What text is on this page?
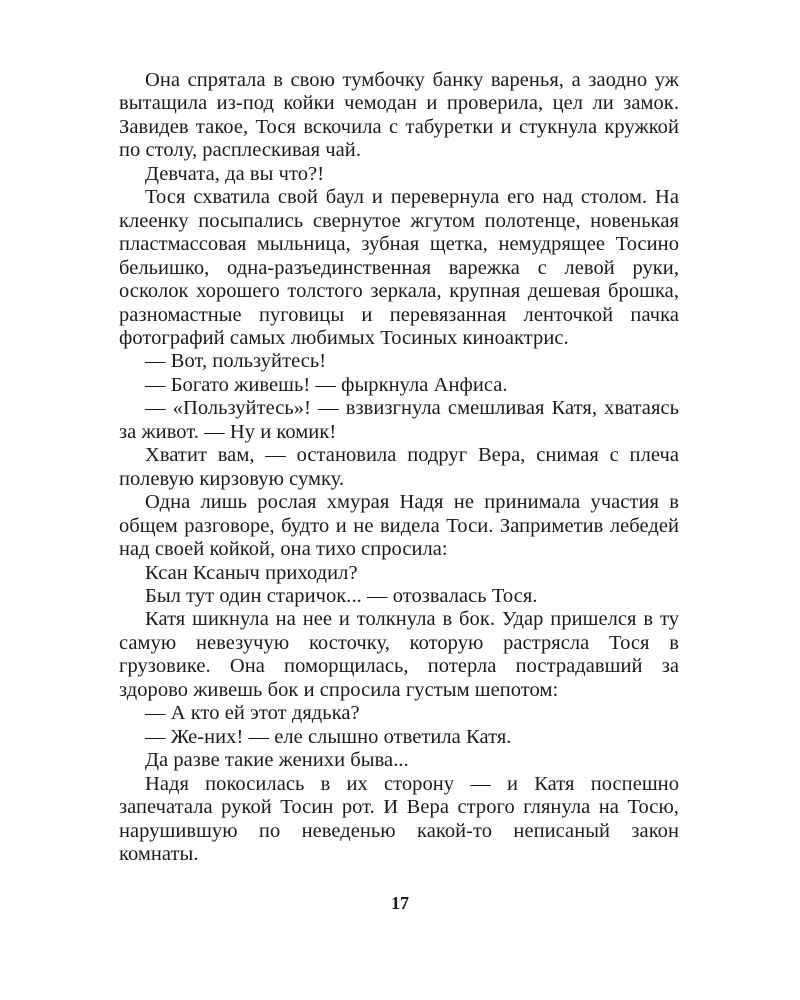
Она спрятала в свою тумбочку банку варенья, а заодно уж вытащила из-под койки чемодан и проверила, цел ли замок. Завидев такое, Тося вскочила с табуретки и стукнула кружкой по столу, расплескивая чай.

Девчата, да вы что?!

Тося схватила свой баул и перевернула его над столом. На клеенку посыпались свернутое жгутом полотенце, новенькая пластмассовая мыльница, зубная щетка, немудрящее Тосино бельишко, одна-разъединственная варежка с левой руки, осколок хорошего толстого зеркала, крупная дешевая брошка, разномастные пуговицы и перевязанная ленточкой пачка фотографий самых любимых Тосиных киноактрис.

— Вот, пользуйтесь!

— Богато живешь! — фыркнула Анфиса.

— «Пользуйтесь»! — взвизгнула смешливая Катя, хватаясь за живот. — Ну и комик!

Хватит вам, — остановила подруг Вера, снимая с плеча полевую кирзовую сумку.

Одна лишь рослая хмурая Надя не принимала участия в общем разговоре, будто и не видела Тоси. Заприметив лебедей над своей койкой, она тихо спросила:

Ксан Ксаныч приходил?

Был тут один старичок... — отозвалась Тося.

Катя шикнула на нее и толкнула в бок. Удар пришелся в ту самую невезучую косточку, которую растрясла Тося в грузовике. Она поморщилась, потерла пострадавший за здорово живешь бок и спросила густым шепотом:

— А кто ей этот дядька?

— Же-них! — еле слышно ответила Катя.

Да разве такие женихи быва...

Надя покосилась в их сторону — и Катя поспешно запечатала рукой Тосин рот. И Вера строго глянула на Тосю, нарушившую по неведенью какой-то неписаный закон комнаты.

17
